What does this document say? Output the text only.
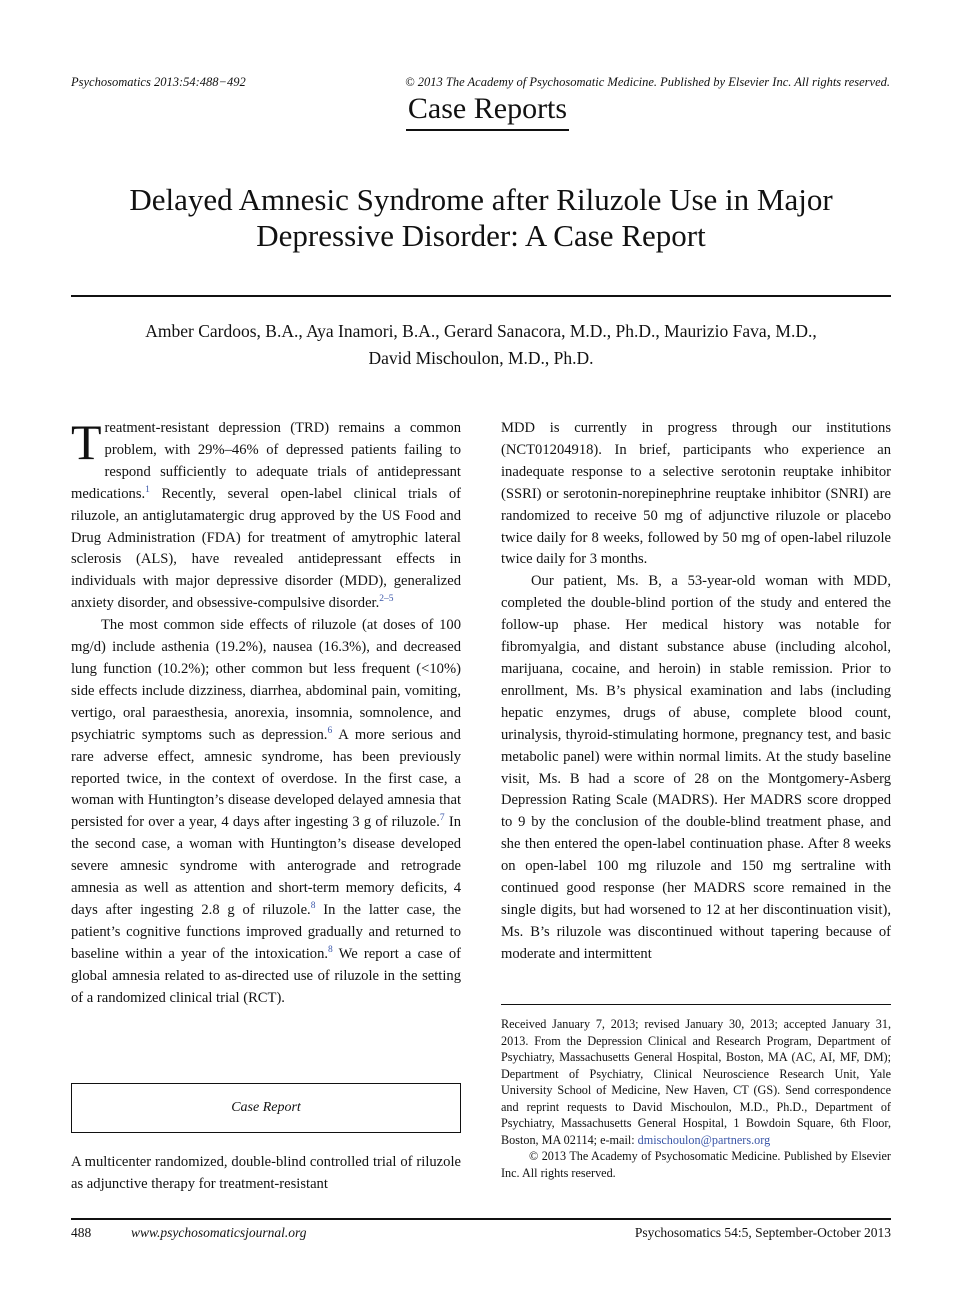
Psychosomatics 2013:54:488−492	© 2013 The Academy of Psychosomatic Medicine. Published by Elsevier Inc. All rights reserved.
Case Reports
Delayed Amnesic Syndrome after Riluzole Use in Major
Depressive Disorder: A Case Report
Amber Cardoos, B.A., Aya Inamori, B.A., Gerard Sanacora, M.D., Ph.D., Maurizio Fava, M.D.,
David Mischoulon, M.D., Ph.D.

Treatment-resistant depression (TRD) remains a common problem, with 29%–46% of depressed patients failing to respond sufficiently to adequate trials of antidepressant medications.$^1$ Recently, several open-label clinical trials of riluzole, an antiglutamatergic drug approved by the US Food and Drug Administration (FDA) for treatment of amytrophic lateral sclerosis (ALS), have revealed antidepressant effects in individuals with major depressive disorder (MDD), generalized anxiety disorder, and obsessive-compulsive disorder.$^{2-5}$

The most common side effects of riluzole (at doses of 100 mg/d) include asthenia (19.2%), nausea (16.3%), and decreased lung function (10.2%); other common but less frequent (<10%) side effects include dizziness, diarrhea, abdominal pain, vomiting, vertigo, oral paraesthesia, anorexia, insomnia, somnolence, and psychiatric symptoms such as depression.$^6$ A more serious and rare adverse effect, amnesic syndrome, has been previously reported twice, in the context of overdose. In the first case, a woman with Huntington’s disease developed delayed amnesia that persisted for over a year, 4 days after ingesting 3 g of riluzole.$^7$ In the second case, a woman with Huntington’s disease developed severe amnesic syndrome with anterograde and retrograde amnesia as well as attention and short-term memory deficits, 4 days after ingesting 2.8 g of riluzole.$^8$ In the latter case, the patient’s cognitive functions improved gradually and returned to baseline within a year of the intoxication.$^8$ We report a case of global amnesia related to as-directed use of riluzole in the setting of a randomized clinical trial (RCT).

Case Report

A multicenter randomized, double-blind controlled trial of riluzole as adjunctive therapy for treatment-resistant

MDD is currently in progress through our institutions (NCT01204918). In brief, participants who experience an inadequate response to a selective serotonin reuptake inhibitor (SSRI) or serotonin-norepinephrine reuptake inhibitor (SNRI) are randomized to receive 50 mg of adjunctive riluzole or placebo twice daily for 8 weeks, followed by 50 mg of open-label riluzole twice daily for 3 months.

Our patient, Ms. B, a 53-year-old woman with MDD, completed the double-blind portion of the study and entered the follow-up phase. Her medical history was notable for fibromyalgia, and distant substance abuse (including alcohol, marijuana, cocaine, and heroin) in stable remission. Prior to enrollment, Ms. B’s physical examination and labs (including hepatic enzymes, drugs of abuse, complete blood count, urinalysis, thyroid-stimulating hormone, pregnancy test, and basic metabolic panel) were within normal limits. At the study baseline visit, Ms. B had a score of 28 on the Montgomery-Asberg Depression Rating Scale (MADRS). Her MADRS score dropped to 9 by the conclusion of the double-blind treatment phase, and she then entered the open-label continuation phase. After 8 weeks on open-label 100 mg riluzole and 150 mg sertraline with continued good response (her MADRS score remained in the single digits, but had worsened to 12 at her discontinuation visit), Ms. B’s riluzole was discontinued without tapering because of moderate and intermittent

Received January 7, 2013; revised January 30, 2013; accepted January 31, 2013. From the Depression Clinical and Research Program, Department of Psychiatry, Massachusetts General Hospital, Boston, MA (AC, AI, MF, DM); Department of Psychiatry, Clinical Neuroscience Research Unit, Yale University School of Medicine, New Haven, CT (GS). Send correspondence and reprint requests to David Mischoulon, M.D., Ph.D., Department of Psychiatry, Massachusetts General Hospital, 1 Bowdoin Square, 6th Floor, Boston, MA 02114; e-mail: dmischoulon@partners.org

© 2013 The Academy of Psychosomatic Medicine. Published by Elsevier Inc. All rights reserved.

488	www.psychosomaticsjournal.org	Psychosomatics 54:5, September-October 2013
